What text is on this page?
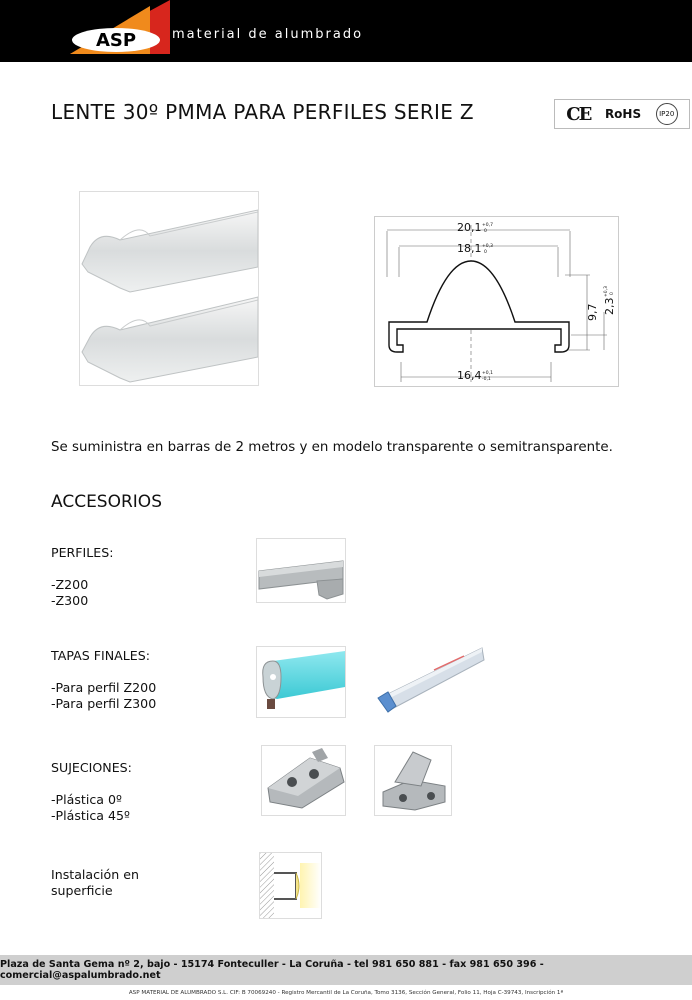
ASP	material de alumbrado
LENTE 30º PMMA PARA PERFILES SERIE Z	CE RoHS	IP20
20,1 +0,7
0
18,1 +0,3
0
9,7 2,3
+0,3 0
16,4 +0,1
-0,1
Se suministra en barras de 2 metros y en modelo transparente o semitransparente.
ACCESORIOS
PERFILES:
-Z200
-Z300
TAPAS FINALES:
-Para perfil Z200
-Para perfil Z300
SUJECIONES:
-Plástica 0º
-Plástica 45º
Instalación en
superficie
Plaza de Santa Gema nº 2, bajo - 15174 Fonteculler - La Coruña - tel 981 650 881 - fax 981 650 396 - comercial@aspalumbrado.net
ASP MATERIAL DE ALUMBRADO S.L. CIF: B 70069240 - Registro Mercantil de La Coruña, Tomo 3136, Sección General, Folio 11, Hoja C-39743, Inscripción 1ª
